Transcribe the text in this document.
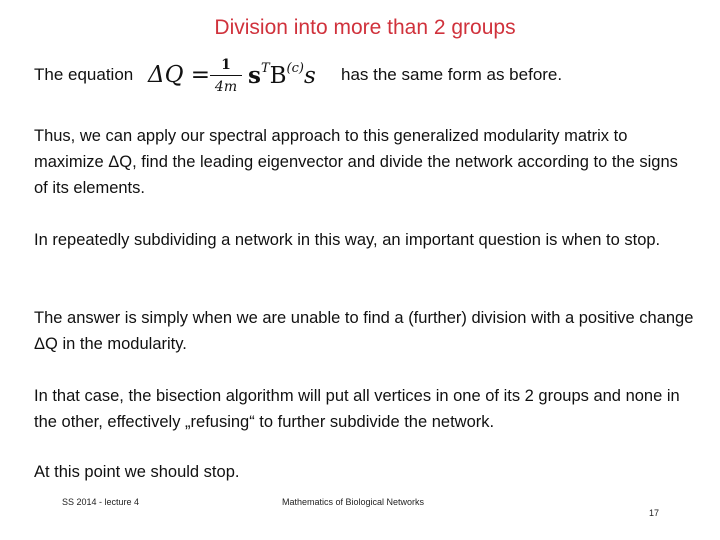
Division into more than 2 groups
The equation ΔQ = 1
4m $s^TB^{(c)}s$ has the same form as before.

Thus, we can apply our spectral approach to this generalized modularity matrix to maximize ΔQ, find the leading eigenvector and divide the network according to the signs of its elements.

In repeatedly subdividing a network in this way, an important question is when to stop.

The answer is simply when we are unable to find a (further) division with a positive change ΔQ in the modularity.

In that case, the bisection algorithm will put all vertices in one of its 2 groups and none in the other, effectively „refusing“ to further subdivide the network.

At this point we should stop.

SS 2014 - lecture 4	Mathematics of Biological Networks
17
